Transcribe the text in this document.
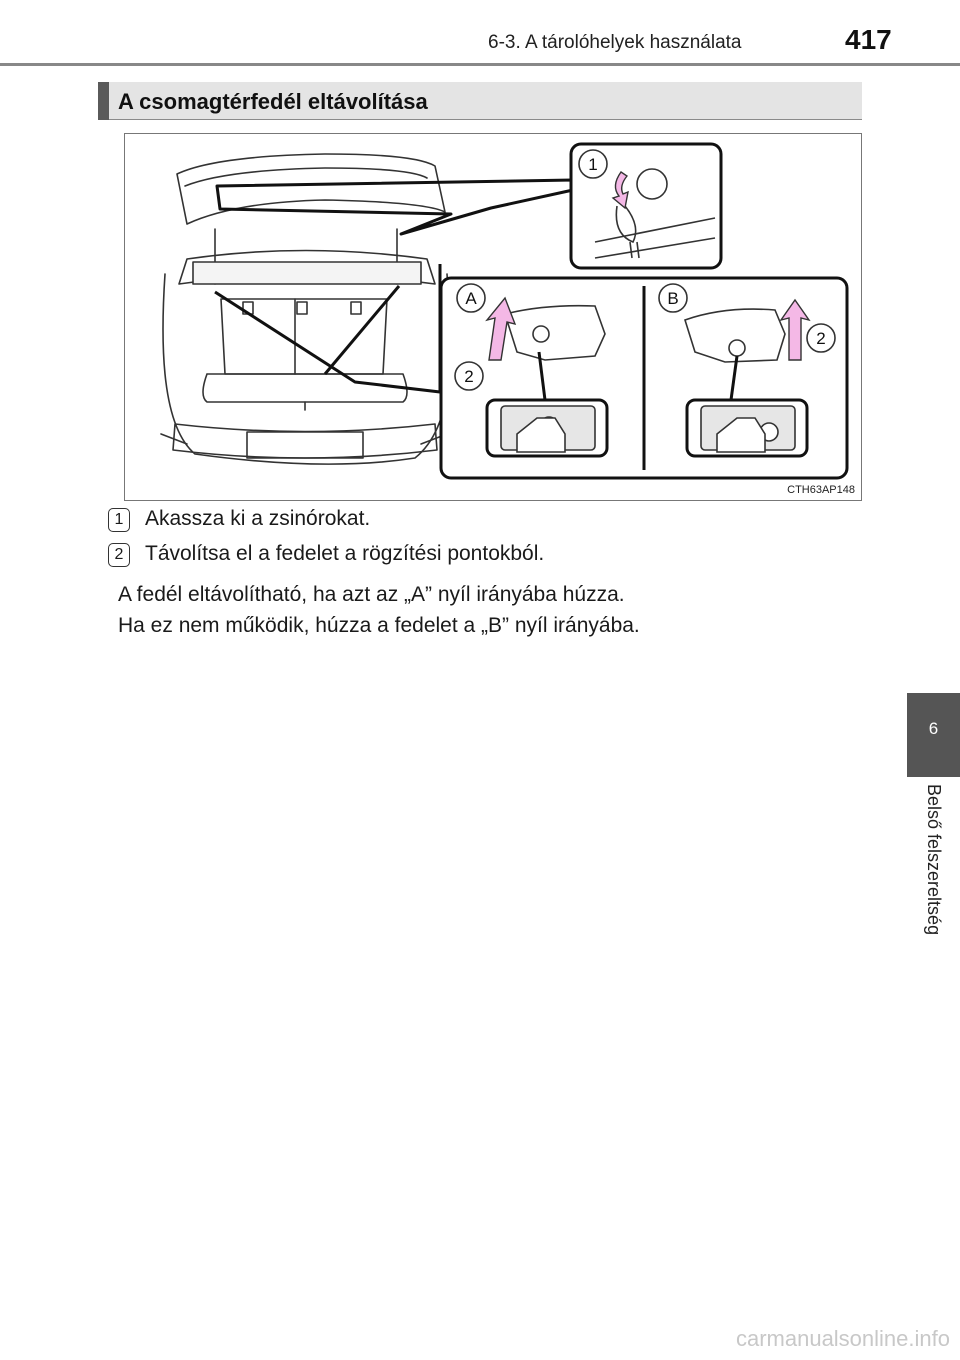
6-3. A tárolóhelyek használata	417
A csomagtérfedél eltávolítása
1
A
2
B
2
CTH63AP148
1	Akassza ki a zsinórokat.
2	Távolítsa el a fedelet a rögzítési pontokból.
A fedél eltávolítható, ha azt az „A” nyíl irányába húzza.
Ha ez nem működik, húzza a fedelet a „B” nyíl irányába.
6
Belső felszereltség
carmanualsonline.info
